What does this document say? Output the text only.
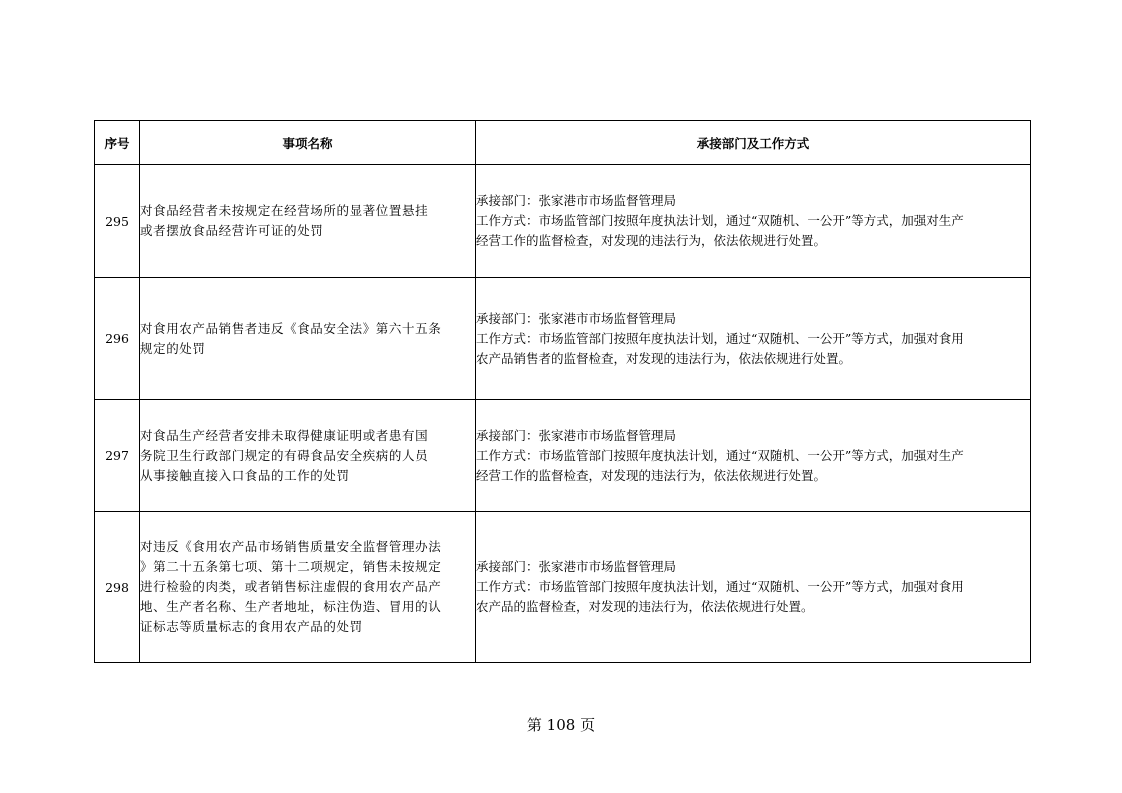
序号	事项名称	承接部门及工作方式
295	对食品经营者未按规定在经营场所的显著位置悬挂
或者摆放食品经营许可证的处罚	承接部门：张家港市市场监督管理局
工作方式：市场监管部门按照年度执法计划，通过“双随机、一公开”等方式，加强对生产
经营工作的监督检查，对发现的违法行为，依法依规进行处置。

296	对食用农产品销售者违反《食品安全法》第六十五条
规定的处罚	承接部门：张家港市市场监督管理局
工作方式：市场监管部门按照年度执法计划，通过“双随机、一公开”等方式，加强对食用
农产品销售者的监督检查，对发现的违法行为，依法依规进行处置。

297	对食品生产经营者安排未取得健康证明或者患有国
务院卫生行政部门规定的有碍食品安全疾病的人员
从事接触直接入口食品的工作的处罚	承接部门：张家港市市场监督管理局
工作方式：市场监管部门按照年度执法计划，通过“双随机、一公开”等方式，加强对生产
经营工作的监督检查，对发现的违法行为，依法依规进行处置。

298	对违反《食用农产品市场销售质量安全监督管理办法
》第二十五条第七项、第十二项规定，销售未按规定
进行检验的肉类，或者销售标注虚假的食用农产品产
地、生产者名称、生产者地址，标注伪造、冒用的认
证标志等质量标志的食用农产品的处罚	承接部门：张家港市市场监督管理局
工作方式：市场监管部门按照年度执法计划，通过“双随机、一公开”等方式，加强对食用
农产品的监督检查，对发现的违法行为，依法依规进行处置。
第 108 页
